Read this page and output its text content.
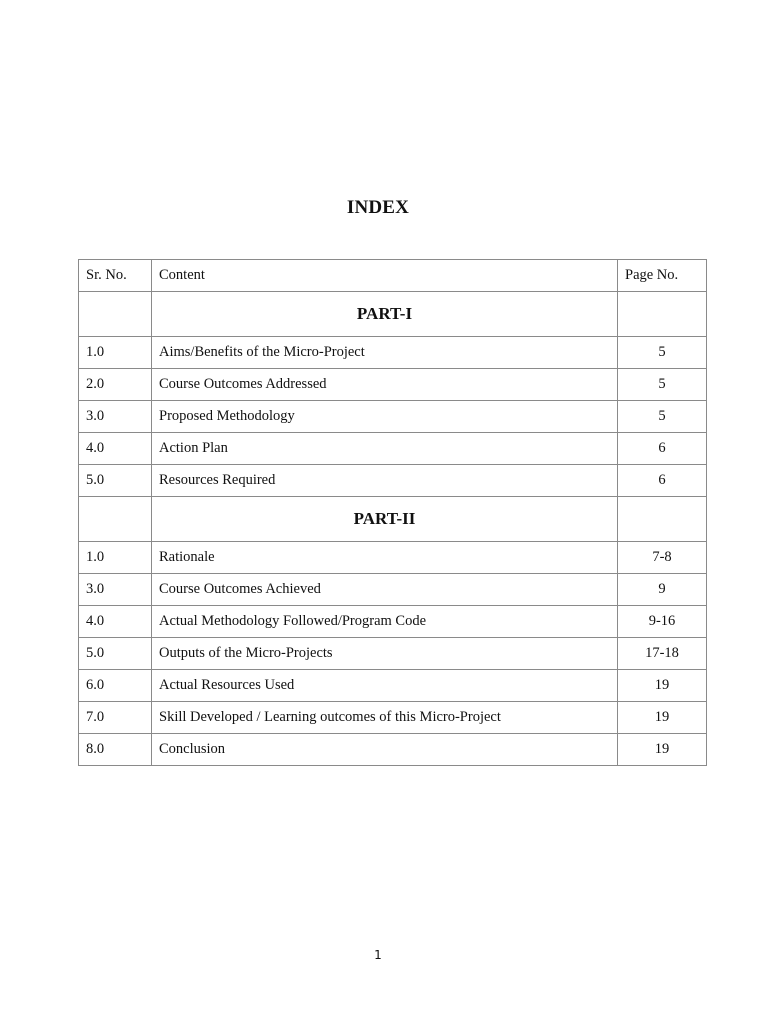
INDEX
Sr. No.	Content	Page No.
	PART-I	
1.0	Aims/Benefits of the Micro-Project	5
2.0	Course Outcomes Addressed	5
3.0	Proposed Methodology	5
4.0	Action Plan	6
5.0	Resources Required	6
	PART-II	
1.0	Rationale	7-8
3.0	Course Outcomes Achieved	9
4.0	Actual Methodology Followed/Program Code	9-16
5.0	Outputs of the Micro-Projects	17-18
6.0	Actual Resources Used	19
7.0	Skill Developed / Learning outcomes of this Micro-Project	19
8.0	Conclusion	19
1
